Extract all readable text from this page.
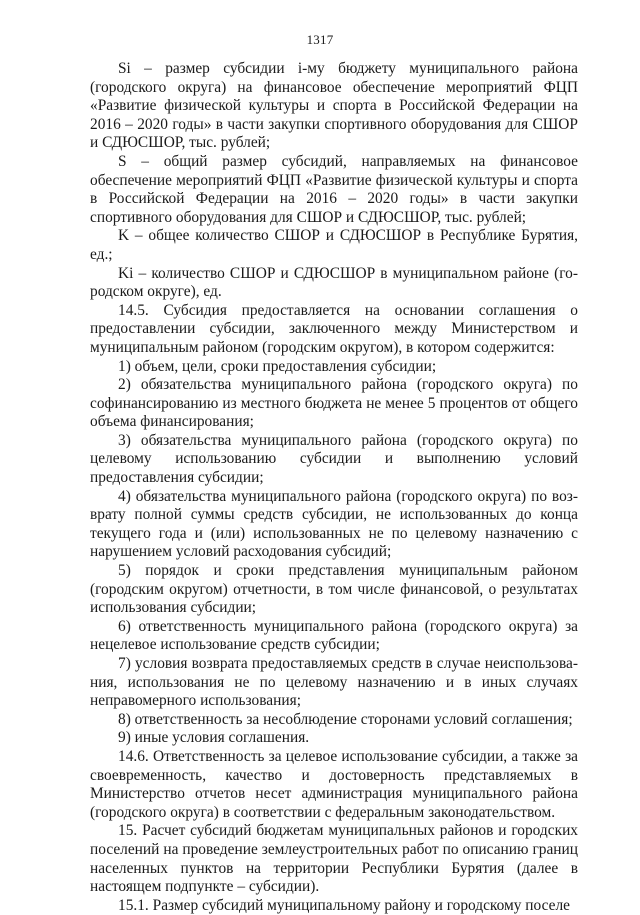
1317

Si – размер субсидии i-му бюджету муниципального района (городского округа) на финансовое обеспечение мероприятий ФЦП «Развитие физической культуры и спорта в Российской Федерации на 2016 – 2020 годы» в части закупки спортивного оборудования для СШОР и СДЮСШОР, тыс. рублей;

S – общий размер субсидий, направляемых на финансовое обеспечение мероприятий ФЦП «Развитие физической культуры и спорта в Российской Федерации на 2016 – 2020 годы» в части закупки спортивного оборудования для СШОР и СДЮСШОР, тыс. рублей;

K – общее количество СШОР и СДЮСШОР в Республике Бурятия, ед.;

Ki – количество СШОР и СДЮСШОР в муниципальном районе (городском округе), ед.

14.5. Субсидия предоставляется на основании соглашения о предоставлении субсидии, заключенного между Министерством и муниципальным районом (городским округом), в котором содержится:

1) объем, цели, сроки предоставления субсидии;

2) обязательства муниципального района (городского округа) по софинансированию из местного бюджета не менее 5 процентов от общего объема финансирования;

3) обязательства муниципального района (городского округа) по целевому использованию субсидии и выполнению условий предоставления субсидии;

4) обязательства муниципального района (городского округа) по возврату полной суммы средств субсидии, не использованных до конца текущего года и (или) использованных не по целевому назначению с нарушением условий расходования субсидий;

5) порядок и сроки представления муниципальным районом (городским округом) отчетности, в том числе финансовой, о результатах использования субсидии;

6) ответственность муниципального района (городского округа) за нецелевое использование средств субсидии;

7) условия возврата предоставляемых средств в случае неиспользования, использования не по целевому назначению и в иных случаях неправомерного использования;

8) ответственность за несоблюдение сторонами условий соглашения;

9) иные условия соглашения.

14.6. Ответственность за целевое использование субсидии, а также за своевременность, качество и достоверность представляемых в Министерство отчетов несет администрация муниципального района (городского округа) в соответствии с федеральным законодательством.

15. Расчет субсидий бюджетам муниципальных районов и городских поселений на проведение землеустроительных работ по описанию границ населенных пунктов на территории Республики Бурятия (далее в настоящем подпункте – субсидии).

15.1. Размер субсидий муниципальному району и городскому поселе
